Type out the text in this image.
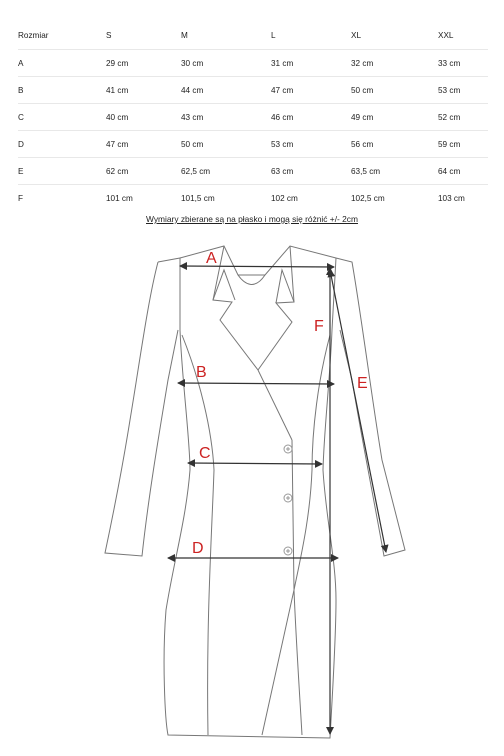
Rozmiar	S	M	L	XL	XXL
A	29 cm	30 cm	31 cm	32 cm	33 cm
B	41 cm	44 cm	47 cm	50 cm	53 cm
C	40 cm	43 cm	46 cm	49 cm	52 cm
D	47 cm	50 cm	53 cm	56 cm	59 cm
E	62 cm	62,5 cm	63 cm	63,5 cm	64 cm
F	101 cm	101,5 cm	102 cm	102,5 cm	103 cm
Wymiary zbierane są na płasko i mogą się różnić +/- 2cm
A
B
C
D
E
F
